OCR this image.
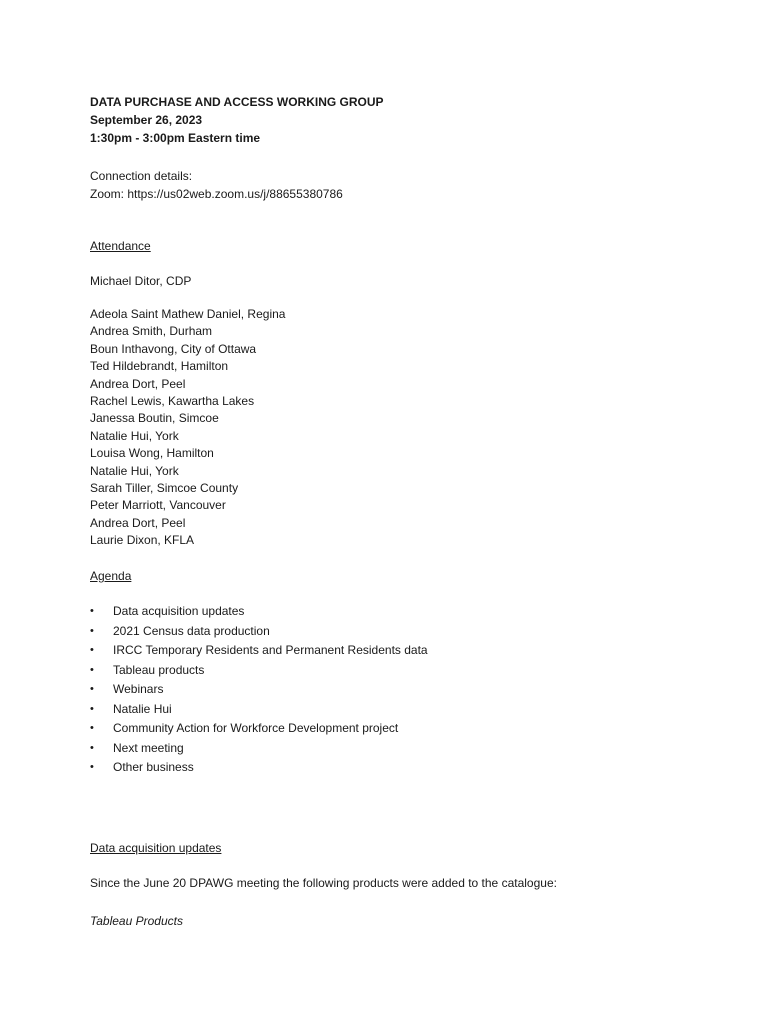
DATA PURCHASE AND ACCESS WORKING GROUP
September 26, 2023
1:30pm - 3:00pm Eastern time
Connection details:
Zoom: https://us02web.zoom.us/j/88655380786
Attendance
Michael Ditor, CDP
Adeola Saint Mathew Daniel, Regina
Andrea Smith, Durham
Boun Inthavong, City of Ottawa
Ted Hildebrandt, Hamilton
Andrea Dort, Peel
Rachel Lewis, Kawartha Lakes
Janessa Boutin, Simcoe
Natalie Hui, York
Louisa Wong, Hamilton
Natalie Hui, York
Sarah Tiller, Simcoe County
Peter Marriott, Vancouver
Andrea Dort, Peel
Laurie Dixon, KFLA
Agenda
• Data acquisition updates
• 2021 Census data production
• IRCC Temporary Residents and Permanent Residents data
• Tableau products
• Webinars
• Natalie Hui
• Community Action for Workforce Development project
• Next meeting
• Other business
Data acquisition updates
Since the June 20 DPAWG meeting the following products were added to the catalogue:
Tableau Products
